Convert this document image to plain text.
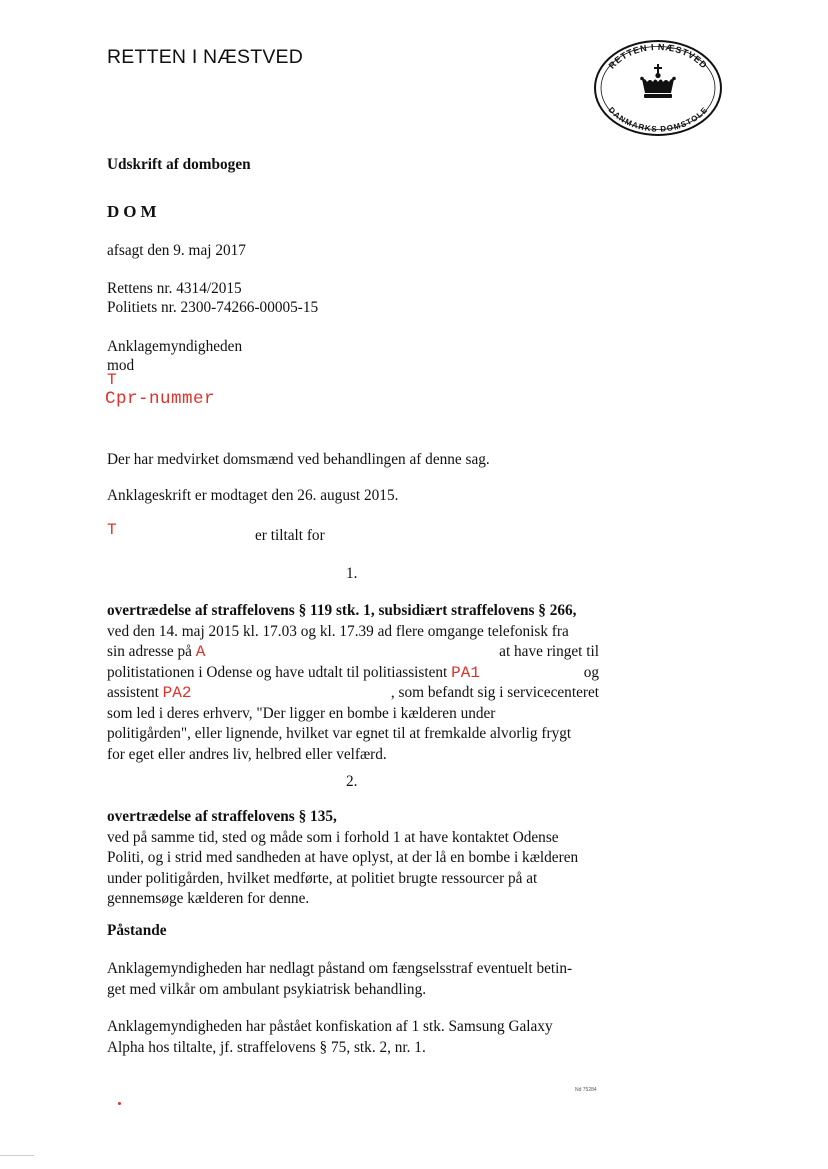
RETTEN I NÆSTVED	RETTEN I NÆSTVED
DANMARKS DOMSTOLE
Udskrift af dombogen
DOM
afsagt den 9. maj 2017
Rettens nr. 4314/2015
Politiets nr. 2300-74266-00005-15
Anklagemyndigheden
mod
T
Cpr-nummer
Der har medvirket domsmænd ved behandlingen af denne sag.
Anklageskrift er modtaget den 26. august 2015.
T	er tiltalt for
1.
overtrædelse af straffelovens § 119 stk. 1, subsidiært straffelovens § 266,
ved den 14. maj 2015 kl. 17.03 og kl. 17.39 ad flere omgange telefonisk fra
sin adresse på A	at have ringet til
politistationen i Odense og have udtalt til politiassistent PA1	og
assistent PA2	, som befandt sig i servicecenteret
som led i deres erhverv, "Der ligger en bombe i kælderen under
politigården", eller lignende, hvilket var egnet til at fremkalde alvorlig frygt
for eget eller andres liv, helbred eller velfærd.
2.
overtrædelse af straffelovens § 135,
ved på samme tid, sted og måde som i forhold 1 at have kontaktet Odense
Politi, og i strid med sandheden at have oplyst, at der lå en bombe i kælderen
under politigården, hvilket medførte, at politiet brugte ressourcer på at
gennemsøge kælderen for denne.
Påstande
Anklagemyndigheden har nedlagt påstand om fængselsstraf eventuelt betin-
get med vilkår om ambulant psykiatrisk behandling.
Anklagemyndigheden har påstået konfiskation af 1 stk. Samsung Galaxy
Alpha hos tiltalte, jf. straffelovens § 75, stk. 2, nr. 1.
Nd 75284
